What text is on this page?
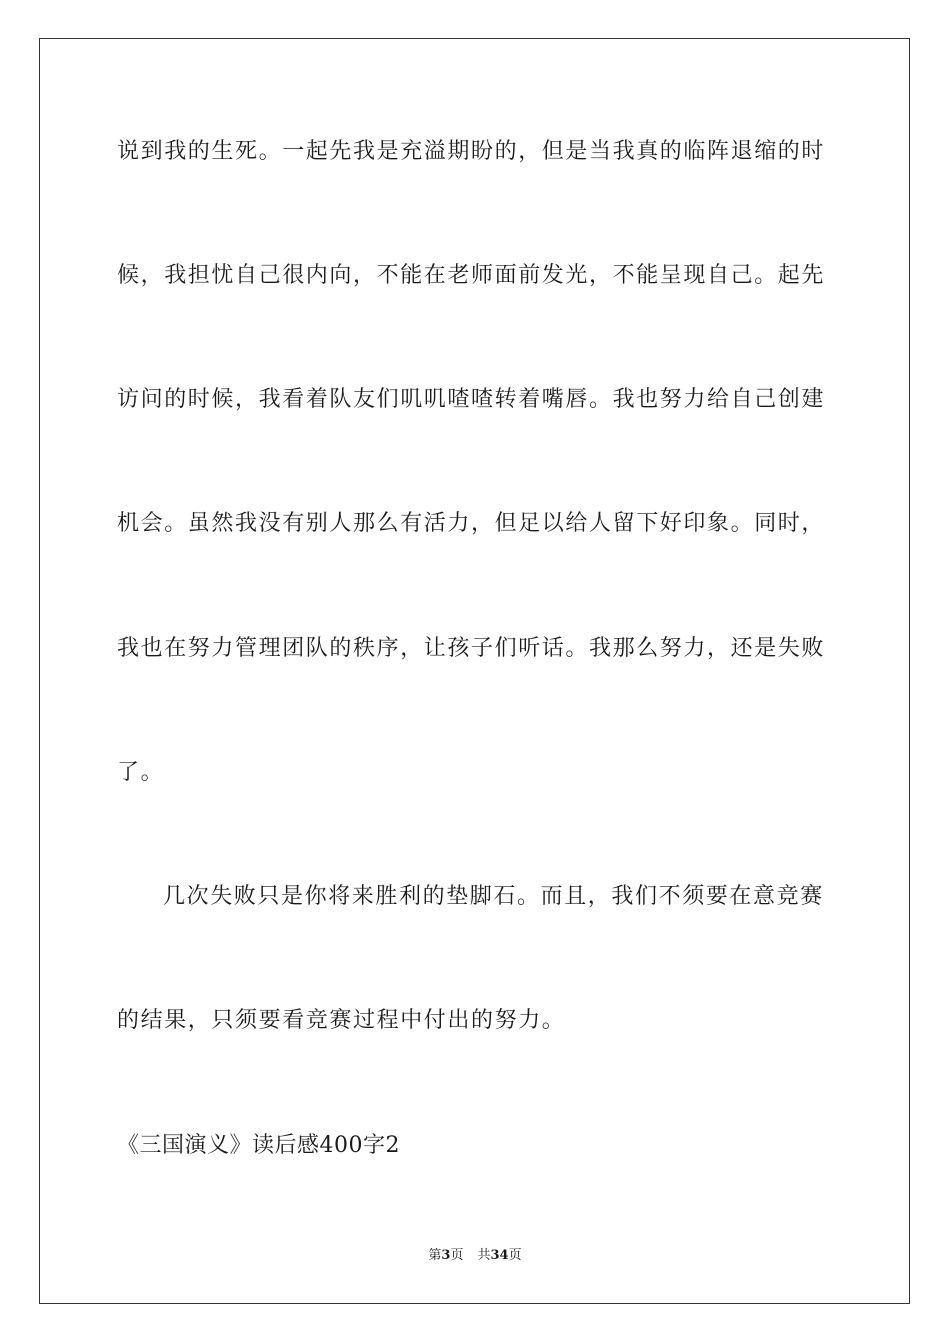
说到我的生死。一起先我是充溢期盼的，但是当我真的临阵退缩的时
候，我担忧自己很内向，不能在老师面前发光，不能呈现自己。起先
访问的时候，我看着队友们叽叽喳喳转着嘴唇。我也努力给自己创建
机会。虽然我没有别人那么有活力，但足以给人留下好印象。同时，
我也在努力管理团队的秩序，让孩子们听话。我那么努力，还是失败
了。
几次失败只是你将来胜利的垫脚石。而且，我们不须要在意竞赛
的结果，只须要看竞赛过程中付出的努力。
《三国演义》读后感400字2
第3页 共34页
